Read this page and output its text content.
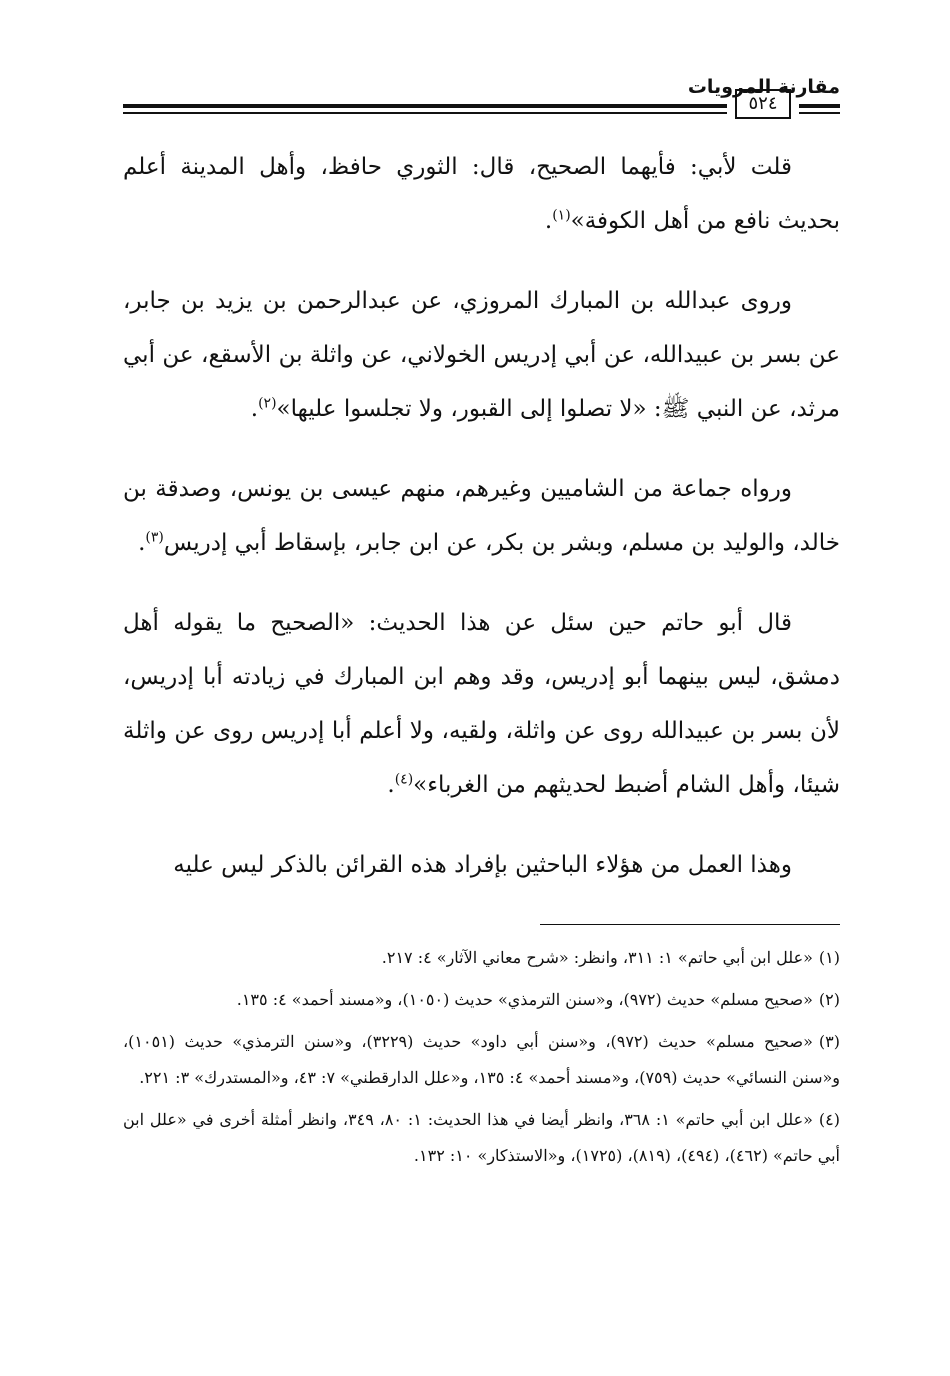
٥٢٤
مقارنة المرويات

قلت لأبي: فأيهما الصحيح، قال: الثوري حافظ، وأهل المدينة أعلم بحديث نافع من أهل الكوفة»$^{(١)}$.

وروى عبدالله بن المبارك المروزي، عن عبدالرحمن بن يزيد بن جابر، عن بسر بن عبيدالله، عن أبي إدريس الخولاني، عن واثلة بن الأسقع، عن أبي مرثد، عن النبي ﷺ: «لا تصلوا إلى القبور، ولا تجلسوا عليها»$^{(٢)}$.

ورواه جماعة من الشاميين وغيرهم، منهم عيسى بن يونس، وصدقة بن خالد، والوليد بن مسلم، وبشر بن بكر، عن ابن جابر، بإسقاط أبي إدريس$^{(٣)}$.

قال أبو حاتم حين سئل عن هذا الحديث: «الصحيح ما يقوله أهل دمشق، ليس بينهما أبو إدريس، وقد وهم ابن المبارك في زيادته أبا إدريس، لأن بسر بن عبيدالله روى عن واثلة، ولقيه، ولا أعلم أبا إدريس روى عن واثلة شيئا، وأهل الشام أضبط لحديثهم من الغرباء»$^{(٤)}$.

وهذا العمل من هؤلاء الباحثين بإفراد هذه القرائن بالذكر ليس عليه

(١)«علل ابن أبي حاتم» ١: ٣١١، وانظر: «شرح معاني الآثار» ٤: ٢١٧.

(٢)«صحيح مسلم» حديث (٩٧٢)، و«سنن الترمذي» حديث (١٠٥٠)، و«مسند أحمد» ٤: ١٣٥.

(٣)«صحيح مسلم» حديث (٩٧٢)، و«سنن أبي داود» حديث (٣٢٢٩)، و«سنن الترمذي» حديث (١٠٥١)، و«سنن النسائي» حديث (٧٥٩)، و«مسند أحمد» ٤: ١٣٥، و«علل الدارقطني» ٧: ٤٣، و«المستدرك» ٣: ٢٢١.

(٤)«علل ابن أبي حاتم» ١: ٣٦٨، وانظر أيضا في هذا الحديث: ١: ٨٠، ٣٤٩، وانظر أمثلة أخرى في «علل ابن أبي حاتم» (٤٦٢)، (٤٩٤)، (٨١٩)، (١٧٢٥)، و«الاستذكار» ١٠: ١٣٢.
